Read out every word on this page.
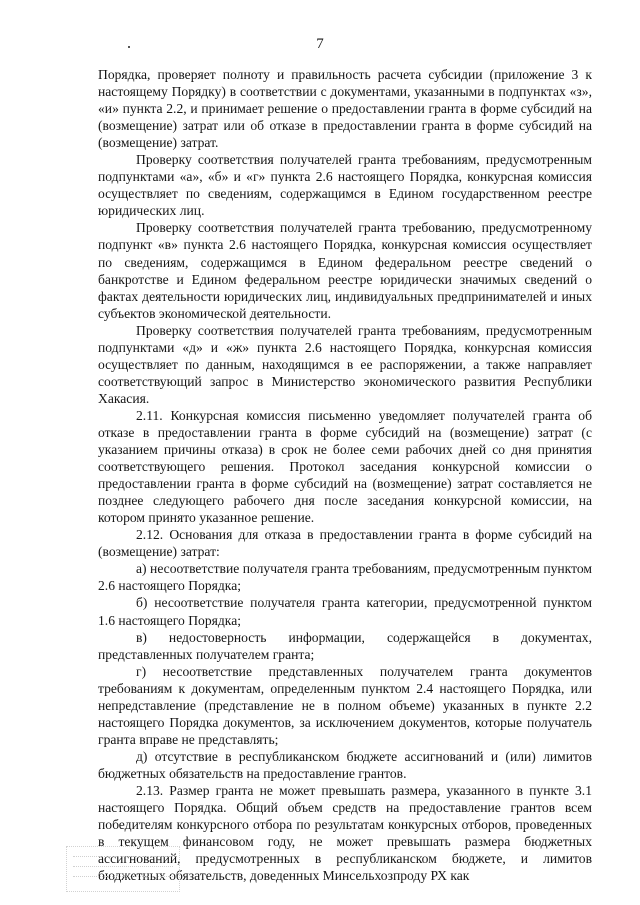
7

Порядка, проверяет полноту и правильность расчета субсидии (приложение 3 к настоящему Порядку) в соответствии с документами, указанными в подпунктах «з», «и» пункта 2.2, и принимает решение о предоставлении гранта в форме субсидий на (возмещение) затрат или об отказе в предоставлении гранта в форме субсидий на (возмещение) затрат.

Проверку соответствия получателей гранта требованиям, предусмотренным подпунктами «а», «б» и «г» пункта 2.6 настоящего Порядка, конкурсная комиссия осуществляет по сведениям, содержащимся в Едином государственном реестре юридических лиц.

Проверку соответствия получателей гранта требованию, предусмотренному подпункт «в» пункта 2.6 настоящего Порядка, конкурсная комиссия осуществляет по сведениям, содержащимся в Едином федеральном реестре сведений о банкротстве и Едином федеральном реестре юридически значимых сведений о фактах деятельности юридических лиц, индивидуальных предпринимателей и иных субъектов экономической деятельности.

Проверку соответствия получателей гранта требованиям, предусмотренным подпунктами «д» и «ж» пункта 2.6 настоящего Порядка, конкурсная комиссия осуществляет по данным, находящимся в ее распоряжении, а также направляет соответствующий запрос в Министерство экономического развития Республики Хакасия.

2.11. Конкурсная комиссия письменно уведомляет получателей гранта об отказе в предоставлении гранта в форме субсидий на (возмещение) затрат (с указанием причины отказа) в срок не более семи рабочих дней со дня принятия соответствующего решения. Протокол заседания конкурсной комиссии о предоставлении гранта в форме субсидий на (возмещение) затрат составляется не позднее следующего рабочего дня после заседания конкурсной комиссии, на котором принято указанное решение.

2.12. Основания для отказа в предоставлении гранта в форме субсидий на (возмещение) затрат:

а) несоответствие получателя гранта требованиям, предусмотренным пунктом 2.6 настоящего Порядка;

б) несоответствие получателя гранта категории, предусмотренной пунктом 1.6 настоящего Порядка;

в) недостоверность информации, содержащейся в документах, представленных получателем гранта;

г) несоответствие представленных получателем гранта документов требованиям к документам, определенным пунктом 2.4 настоящего Порядка, или непредставление (представление не в полном объеме) указанных в пункте 2.2 настоящего Порядка документов, за исключением документов, которые получатель гранта вправе не представлять;

д) отсутствие в республиканском бюджете ассигнований и (или) лимитов бюджетных обязательств на предоставление грантов.

2.13. Размер гранта не может превышать размера, указанного в пункте 3.1 настоящего Порядка. Общий объем средств на предоставление грантов всем победителям конкурсного отбора по результатам конкурсных отборов, проведенных в текущем финансовом году, не может превышать размера бюджетных ассигнований, предусмотренных в республиканском бюджете, и лимитов бюджетных обязательств, доведенных Минсельхозпроду РХ как
